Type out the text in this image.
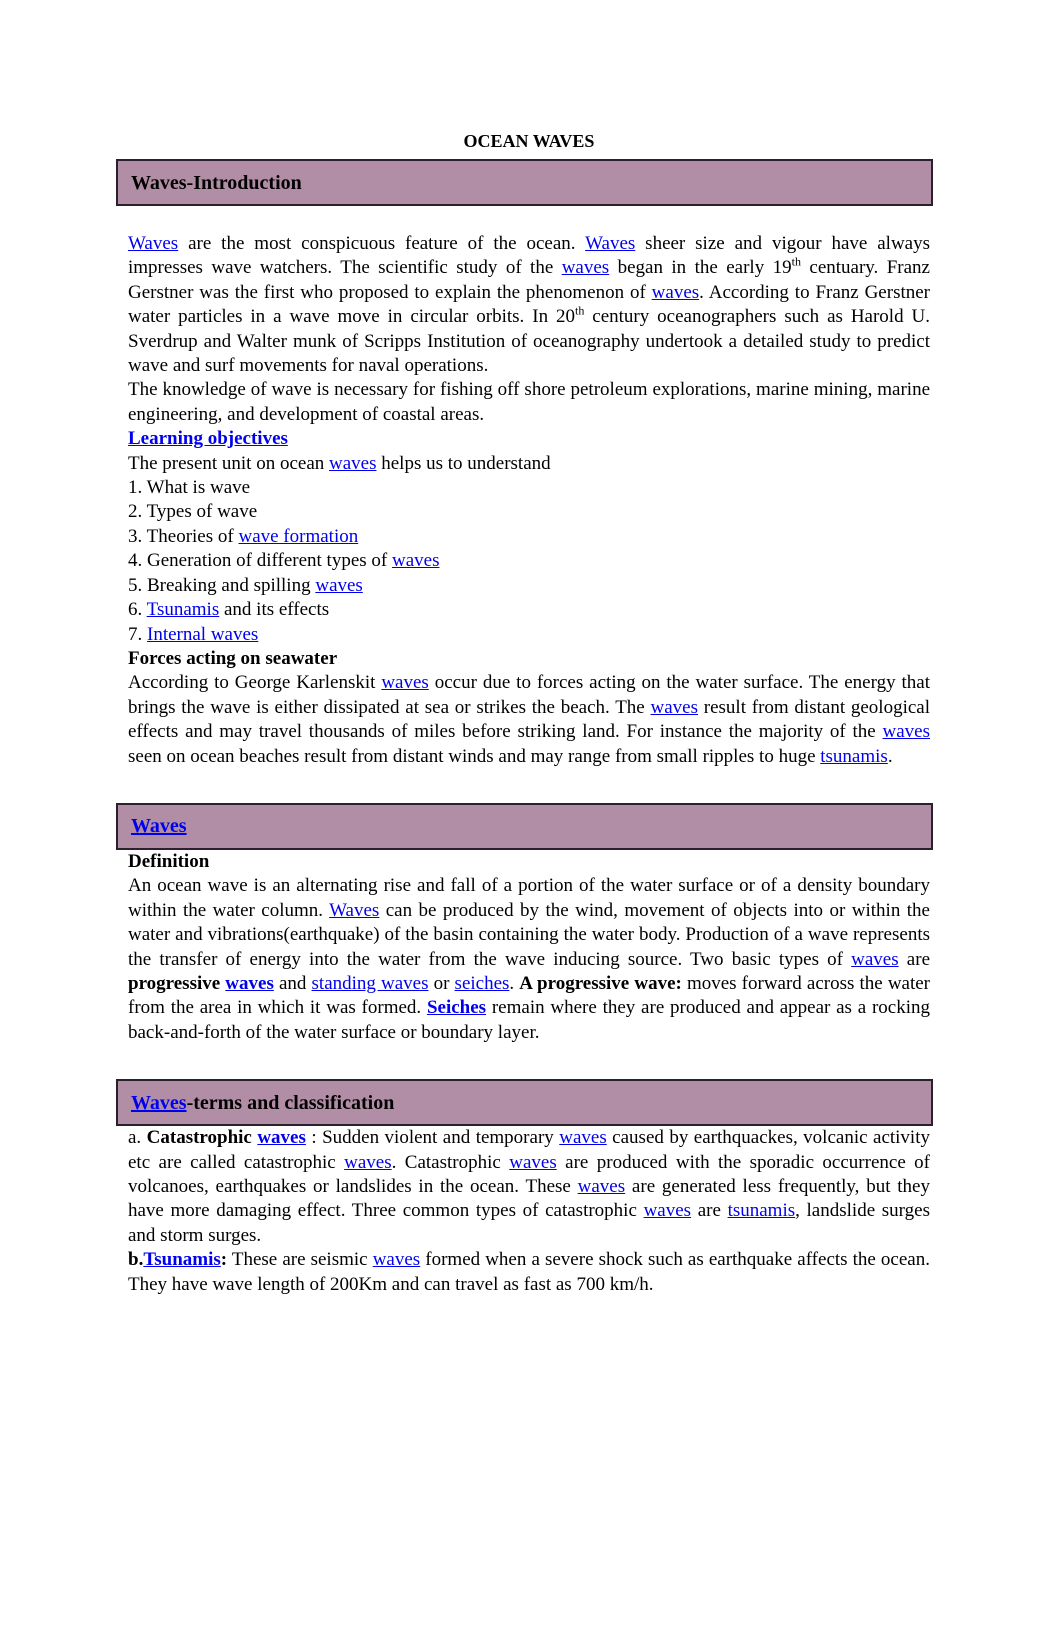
OCEAN WAVES
Waves-Introduction
Waves are the most conspicuous feature of the ocean. Waves sheer size and vigour have always impresses wave watchers. The scientific study of the waves began in the early 19th centuary. Franz Gerstner was the first who proposed to explain the phenomenon of waves. According to Franz Gerstner water particles in a wave move in circular orbits. In 20th century oceanographers such as Harold U. Sverdrup and Walter munk of Scripps Institution of oceanography undertook a detailed study to predict wave and surf movements for naval operations.
The knowledge of wave is necessary for fishing off shore petroleum explorations, marine mining, marine engineering, and development of coastal areas.
Learning objectives
The present unit on ocean waves helps us to understand
1. What is wave
2. Types of wave
3. Theories of wave formation
4. Generation of different types of waves
5. Breaking and spilling waves
6. Tsunamis and its effects
7. Internal waves
Forces acting on seawater
According to George Karlenskit waves occur due to forces acting on the water surface. The energy that brings the wave is either dissipated at sea or strikes the beach. The waves result from distant geological effects and may travel thousands of miles before striking land. For instance the majority of the waves seen on ocean beaches result from distant winds and may range from small ripples to huge tsunamis.
Waves
Definition
An ocean wave is an alternating rise and fall of a portion of the water surface or of a density boundary within the water column. Waves can be produced by the wind, movement of objects into or within the water and vibrations(earthquake) of the basin containing the water body. Production of a wave represents the transfer of energy into the water from the wave inducing source. Two basic types of waves are progressive waves and standing waves or seiches. A progressive wave: moves forward across the water from the area in which it was formed. Seiches remain where they are produced and appear as a rocking back-and-forth of the water surface or boundary layer.
Waves -terms and classification
a. Catastrophic waves : Sudden violent and temporary waves caused by earthquackes, volcanic activity etc are called catastrophic waves. Catastrophic waves are produced with the sporadic occurrence of volcanoes, earthquakes or landslides in the ocean. These waves are generated less frequently, but they have more damaging effect. Three common types of catastrophic waves are tsunamis, landslide surges and storm surges.
b.Tsunamis: These are seismic waves formed when a severe shock such as earthquake affects the ocean. They have wave length of 200Km and can travel as fast as 700 km/h.
